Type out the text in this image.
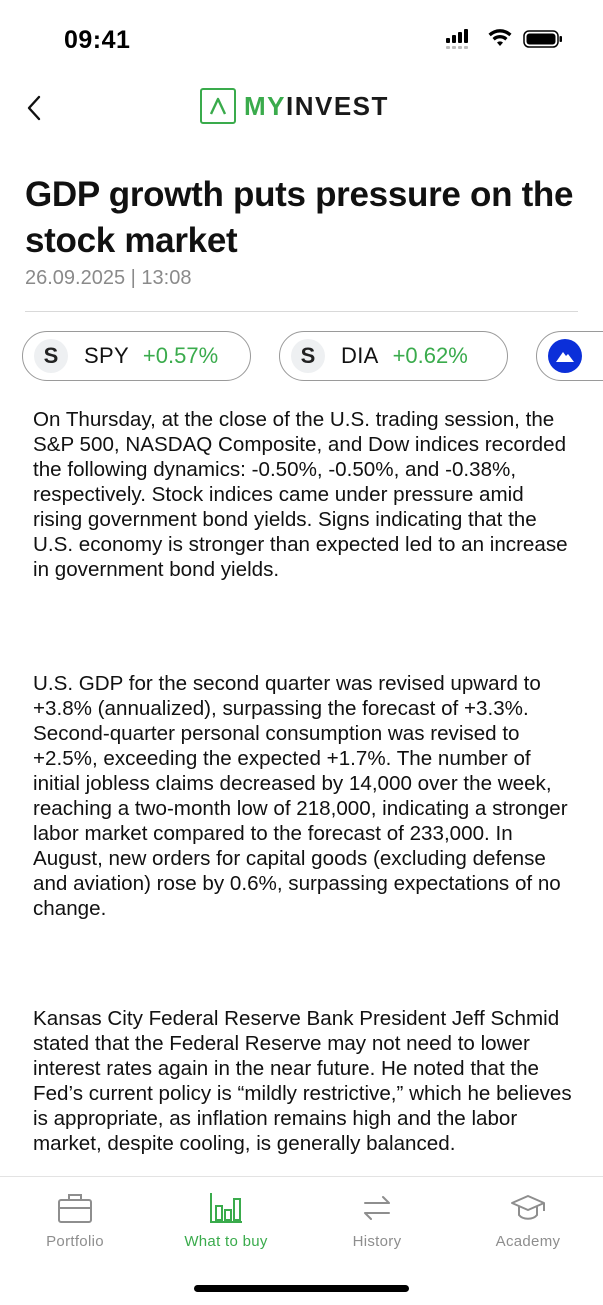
09:41
MYINVEST
GDP growth puts pressure on the stock market
26.09.2025 | 13:08
S	SPY +0.57%	S	DIA +0.62%

On Thursday, at the close of the U.S. trading session, the S&P 500, NASDAQ Composite, and Dow indices recorded the following dynamics: -0.50%, -0.50%, and -0.38%, respectively. Stock indices came under pressure amid rising government bond yields. Signs indicating that the U.S. economy is stronger than expected led to an increase in government bond yields.

U.S. GDP for the second quarter was revised upward to +3.8% (annualized), surpassing the forecast of +3.3%. Second-quarter personal consumption was revised to +2.5%, exceeding the expected +1.7%. The number of initial jobless claims decreased by 14,000 over the week, reaching a two-month low of 218,000, indicating a stronger labor market compared to the forecast of 233,000. In August, new orders for capital goods (excluding defense and aviation) rose by 0.6%, surpassing expectations of no change.

Kansas City Federal Reserve Bank President Jeff Schmid stated that the Federal Reserve may not need to lower interest rates again in the near future. He noted that the Fed’s current policy is “mildly restrictive,” which he believes is appropriate, as inflation remains high and the labor market, despite cooling, is generally balanced.

Portfolio	What to buy	History	Academy
